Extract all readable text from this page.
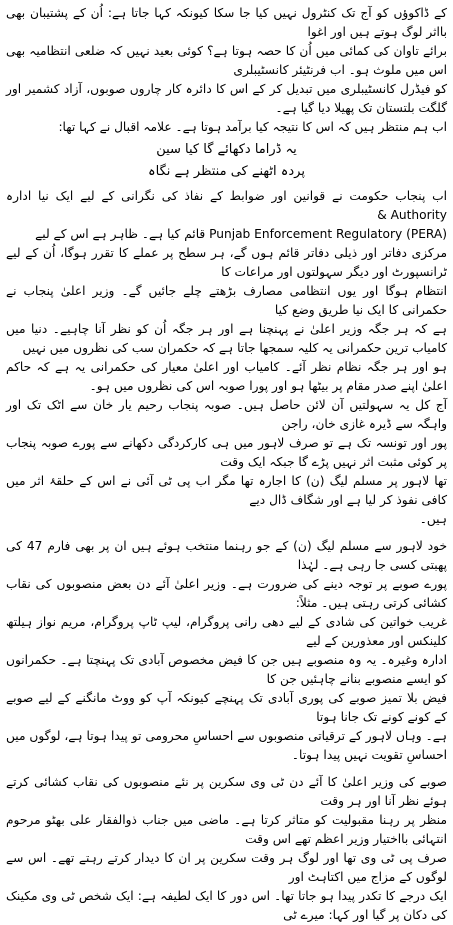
کے ڈاکوؤں کو آج تک کنٹرول نہیں کیا جا سکا کیونکہ کہا جاتا ہے: اُن کے پشتیبان بھی بااثر لوگ ہوتے ہیں اور اغوا
برائے تاوان کی کمائی میں اُن کا حصہ ہوتا ہے؟ کوئی بعید نہیں کہ ضلعی انتظامیہ بھی اس میں ملوث ہو۔ اب فرنٹیئر کانسٹیبلری
کو فیڈرل کانسٹیبلری میں تبدیل کر کے اس کا دائرہ کار چاروں صوبوں، آزاد کشمیر اور گلگت بلتستان تک پھیلا دیا گیا ہے۔
اب ہم منتظر ہیں کہ اس کا نتیجہ کیا برآمد ہوتا ہے۔ علامہ اقبال نے کہا تھا:

یہ ڈراما دکھائے گا کیا سین
پردہ اٹھنے کی منتظر ہے نگاہ

اب پنجاب حکومت نے قوانین اور ضوابط کے نفاذ کی نگرانی کے لیے ایک نیا ادارہ Authority &
(PERA) Punjab Enforcement Regulatory قائم کیا ہے۔ ظاہر ہے اس کے لیے
مرکزی دفاتر اور ذیلی دفاتر قائم ہوں گے، ہر سطح پر عملے کا تقرر ہوگا، اُن کے لیے ٹرانسپورٹ اور دیگر سہولتوں اور مراعات کا
انتظام ہوگا اور یوں انتظامی مصارف بڑھتے چلے جائیں گے۔ وزیر اعلیٰ پنجاب نے حکمرانی کا ایک نیا طریق وضع کیا
ہے کہ ہر جگہ وزیر اعلیٰ نے پہنچنا ہے اور ہر جگہ اُن کو نظر آنا چاہیے۔ دنیا میں کامیاب ترین حکمرانی یہ کلیہ سمجھا جاتا ہے کہ حکمران سب کی نظروں میں نہیں
ہو اور ہر جگہ نظام نظر آئے۔ کامیاب اور اعلیٰ معیار کی حکمرانی یہ ہے کہ حاکم اعلیٰ اپنے صدر مقام پر بیٹھا ہو اور پورا صوبہ اس کی نظروں میں ہو۔
آج کل یہ سہولتیں آن لائن حاصل ہیں۔ صوبہ پنجاب رحیم یار خان سے اٹک تک اور واہگہ سے ڈیرہ غازی خان، راجن
پور اور تونسہ تک ہے تو صرف لاہور میں ہی کارکردگی دکھانے سے پورے صوبہ پنجاب پر کوئی مثبت اثر نہیں پڑے گا جبکہ ایک وقت
تھا لاہور پر مسلم لیگ (ن) کا اجارہ تھا مگر اب پی ٹی آئی نے اس کے حلقۂ اثر میں کافی نفوذ کر لیا ہے اور شگاف ڈال دیے
ہیں۔

خود لاہور سے مسلم لیگ (ن) کے جو رہنما منتخب ہوئے ہیں ان پر بھی فارم 47 کی پھبتی کسی جا رہی ہے۔ لہٰذا
پورے صوبے پر توجہ دینے کی ضرورت ہے۔ وزیر اعلیٰ آئے دن بعض منصوبوں کی نقاب کشائی کرتی رہتی ہیں۔ مثلاً:
غریب خواتین کی شادی کے لیے دھی رانی پروگرام، لیپ ٹاپ پروگرام، مریم نواز ہیلتھ کلینکس اور معذورین کے لیے
ادارہ وغیرہ۔ یہ وہ منصوبے ہیں جن کا فیض مخصوص آبادی تک پہنچتا ہے۔ حکمرانوں کو ایسے منصوبے بنانے چاہئیں جن کا
فیض بلا تمیز صوبے کی پوری آبادی تک پہنچے کیونکہ آپ کو ووٹ مانگنے کے لیے صوبے کے کونے کونے تک جانا ہوتا
ہے۔ وہاں لاہور کے ترقیاتی منصوبوں سے احساسِ محرومی تو پیدا ہوتا ہے، لوگوں میں احساسِ تقویت نہیں پیدا ہوتا۔

صوبے کی وزیر اعلیٰ کا آئے دن ٹی وی سکرین پر نئے منصوبوں کی نقاب کشائی کرتے ہوئے نظر آنا اور ہر وقت
منظر پر رہنا مقبولیت کو متاثر کرتا ہے۔ ماضی میں جناب ذوالفقار علی بھٹو مرحوم انتہائی بااختیار وزیر اعظم تھے اس وقت
صرف پی ٹی وی تھا اور لوگ ہر وقت سکرین پر ان کا دیدار کرتے رہتے تھے۔ اس سے لوگوں کے مزاج میں اکتاہٹ اور
ایک درجے کا تکدر پیدا ہو جاتا تھا۔ اس دور کا ایک لطیفہ ہے: ایک شخص ٹی وی مکینک کی دکان پر گیا اور کہا: میرے ٹی
